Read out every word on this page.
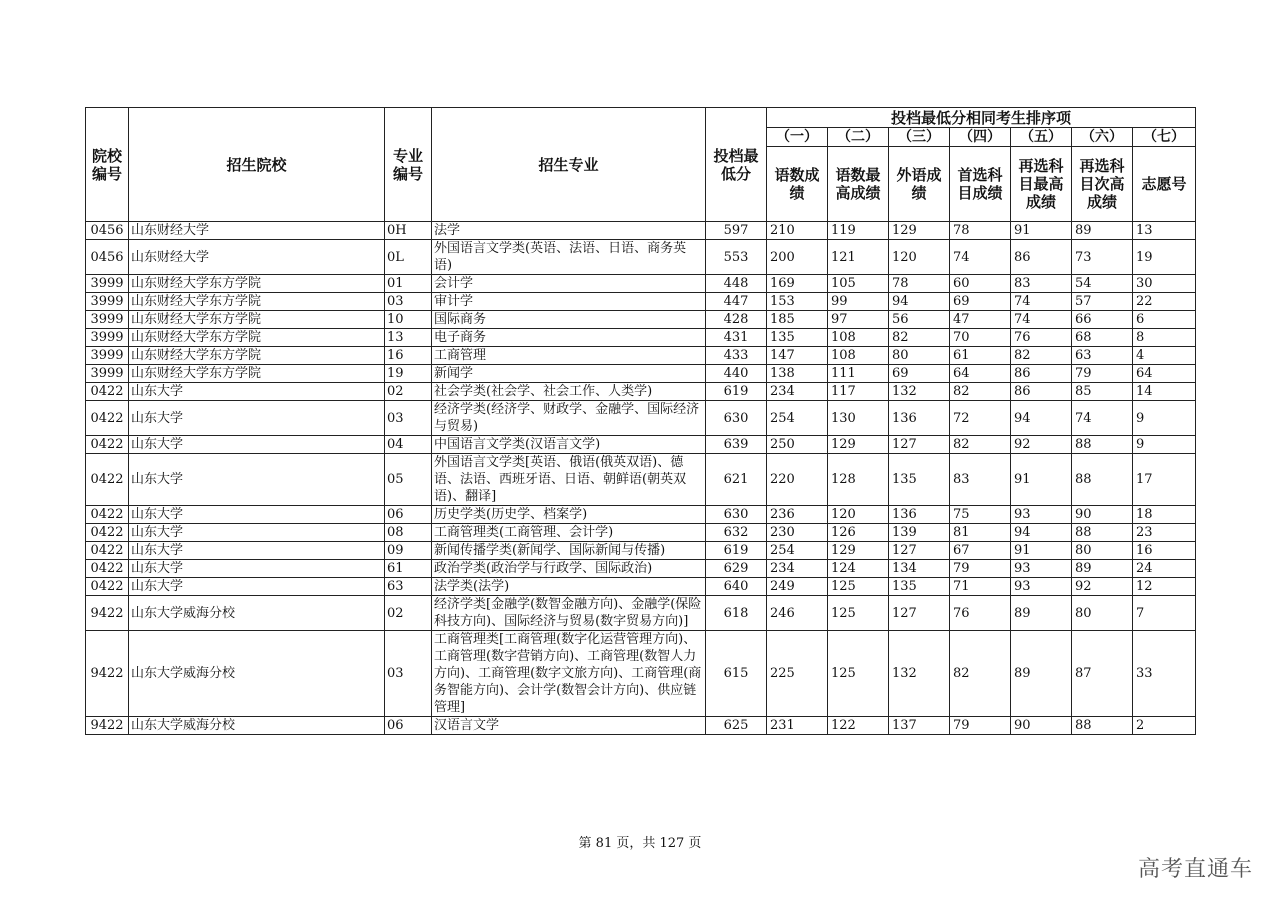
院校编号	招生院校	专业编号	招生专业	投档最低分	投档最低分相同考生排序项						
					（一）	（二）	（三）	（四）	（五）	（六）	（七）
					语数成绩	语数最高成绩	外语成绩	首选科目成绩	再选科目最高成绩	再选科目次高成绩	志愿号
0456	山东财经大学	0H	法学	597	210	119	129	78	91	89	13
0456	山东财经大学	0L	外国语言文学类(英语、法语、日语、商务英语)	553	200	121	120	74	86	73	19
3999	山东财经大学东方学院	01	会计学	448	169	105	78	60	83	54	30
3999	山东财经大学东方学院	03	审计学	447	153	99	94	69	74	57	22
3999	山东财经大学东方学院	10	国际商务	428	185	97	56	47	74	66	6
3999	山东财经大学东方学院	13	电子商务	431	135	108	82	70	76	68	8
3999	山东财经大学东方学院	16	工商管理	433	147	108	80	61	82	63	4
3999	山东财经大学东方学院	19	新闻学	440	138	111	69	64	86	79	64
0422	山东大学	02	社会学类(社会学、社会工作、人类学)	619	234	117	132	82	86	85	14
0422	山东大学	03	经济学类(经济学、财政学、金融学、国际经济与贸易)	630	254	130	136	72	94	74	9
0422	山东大学	04	中国语言文学类(汉语言文学)	639	250	129	127	82	92	88	9
0422	山东大学	05	外国语言文学类[英语、俄语(俄英双语)、德语、法语、西班牙语、日语、朝鲜语(朝英双语)、翻译]	621	220	128	135	83	91	88	17
0422	山东大学	06	历史学类(历史学、档案学)	630	236	120	136	75	93	90	18
0422	山东大学	08	工商管理类(工商管理、会计学)	632	230	126	139	81	94	88	23
0422	山东大学	09	新闻传播学类(新闻学、国际新闻与传播)	619	254	129	127	67	91	80	16
0422	山东大学	61	政治学类(政治学与行政学、国际政治)	629	234	124	134	79	93	89	24
0422	山东大学	63	法学类(法学)	640	249	125	135	71	93	92	12
9422	山东大学威海分校	02	经济学类[金融学(数智金融方向)、金融学(保险科技方向)、国际经济与贸易(数字贸易方向)]	618	246	125	127	76	89	80	7
9422	山东大学威海分校	03	工商管理类[工商管理(数字化运营管理方向)、工商管理(数字营销方向)、工商管理(数智人力方向)、工商管理(数字文旅方向)、工商管理(商务智能方向)、会计学(数智会计方向)、供应链管理]	615	225	125	132	82	89	87	33
9422	山东大学威海分校	06	汉语言文学	625	231	122	137	79	90	88	2
第 81 页，共 127 页
高考直通车
